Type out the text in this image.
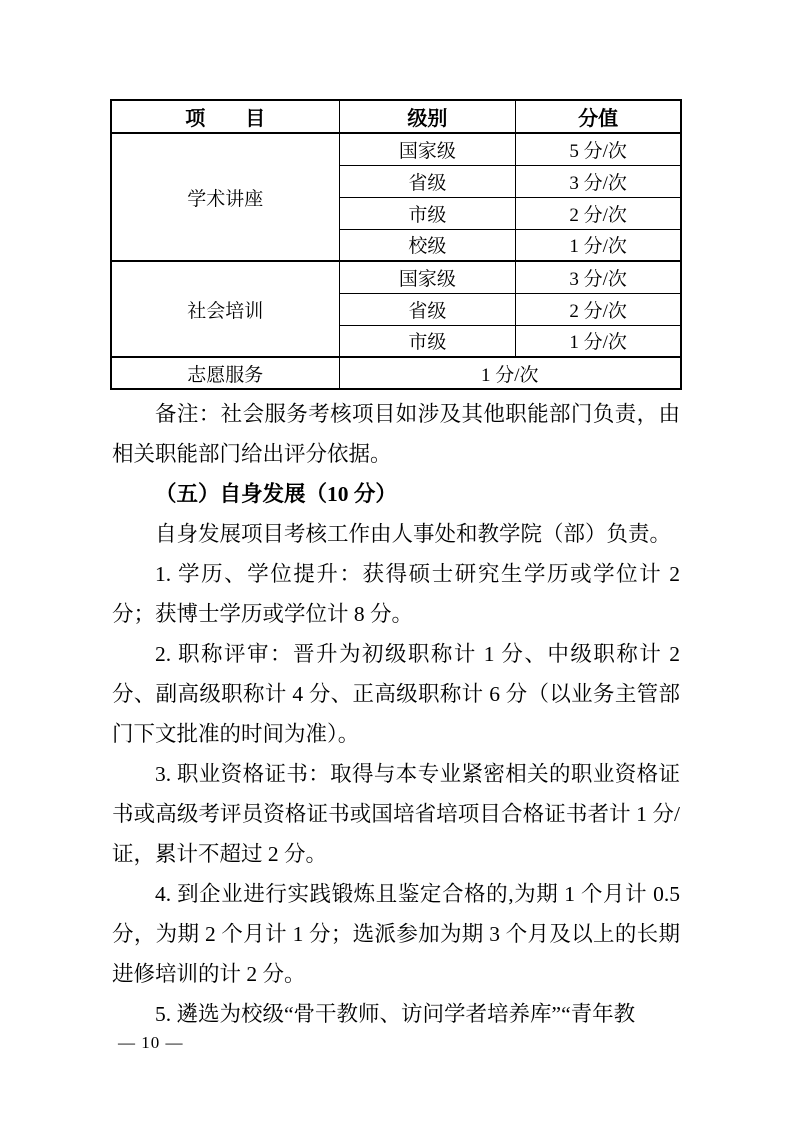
项　　目	级别	分值
学术讲座	国家级	5 分/次
	省级	3 分/次
	市级	2 分/次
	校级	1 分/次
社会培训	国家级	3 分/次
	省级	2 分/次
	市级	1 分/次
志愿服务	1 分/次	

备注：社会服务考核项目如涉及其他职能部门负责，由相关职能部门给出评分依据。

（五）自身发展（10 分）

自身发展项目考核工作由人事处和教学院（部）负责。

1. 学历、学位提升：获得硕士研究生学历或学位计 2 分；获博士学历或学位计 8 分。

2. 职称评审：晋升为初级职称计 1 分、中级职称计 2 分、副高级职称计 4 分、正高级职称计 6 分（以业务主管部门下文批准的时间为准）。

3. 职业资格证书：取得与本专业紧密相关的职业资格证书或高级考评员资格证书或国培省培项目合格证书者计 1 分/证，累计不超过 2 分。

4. 到企业进行实践锻炼且鉴定合格的,为期 1 个月计 0.5 分，为期 2 个月计 1 分；选派参加为期 3 个月及以上的长期进修培训的计 2 分。

5. 遴选为校级“骨干教师、访问学者培养库”“青年教

— 10 —
